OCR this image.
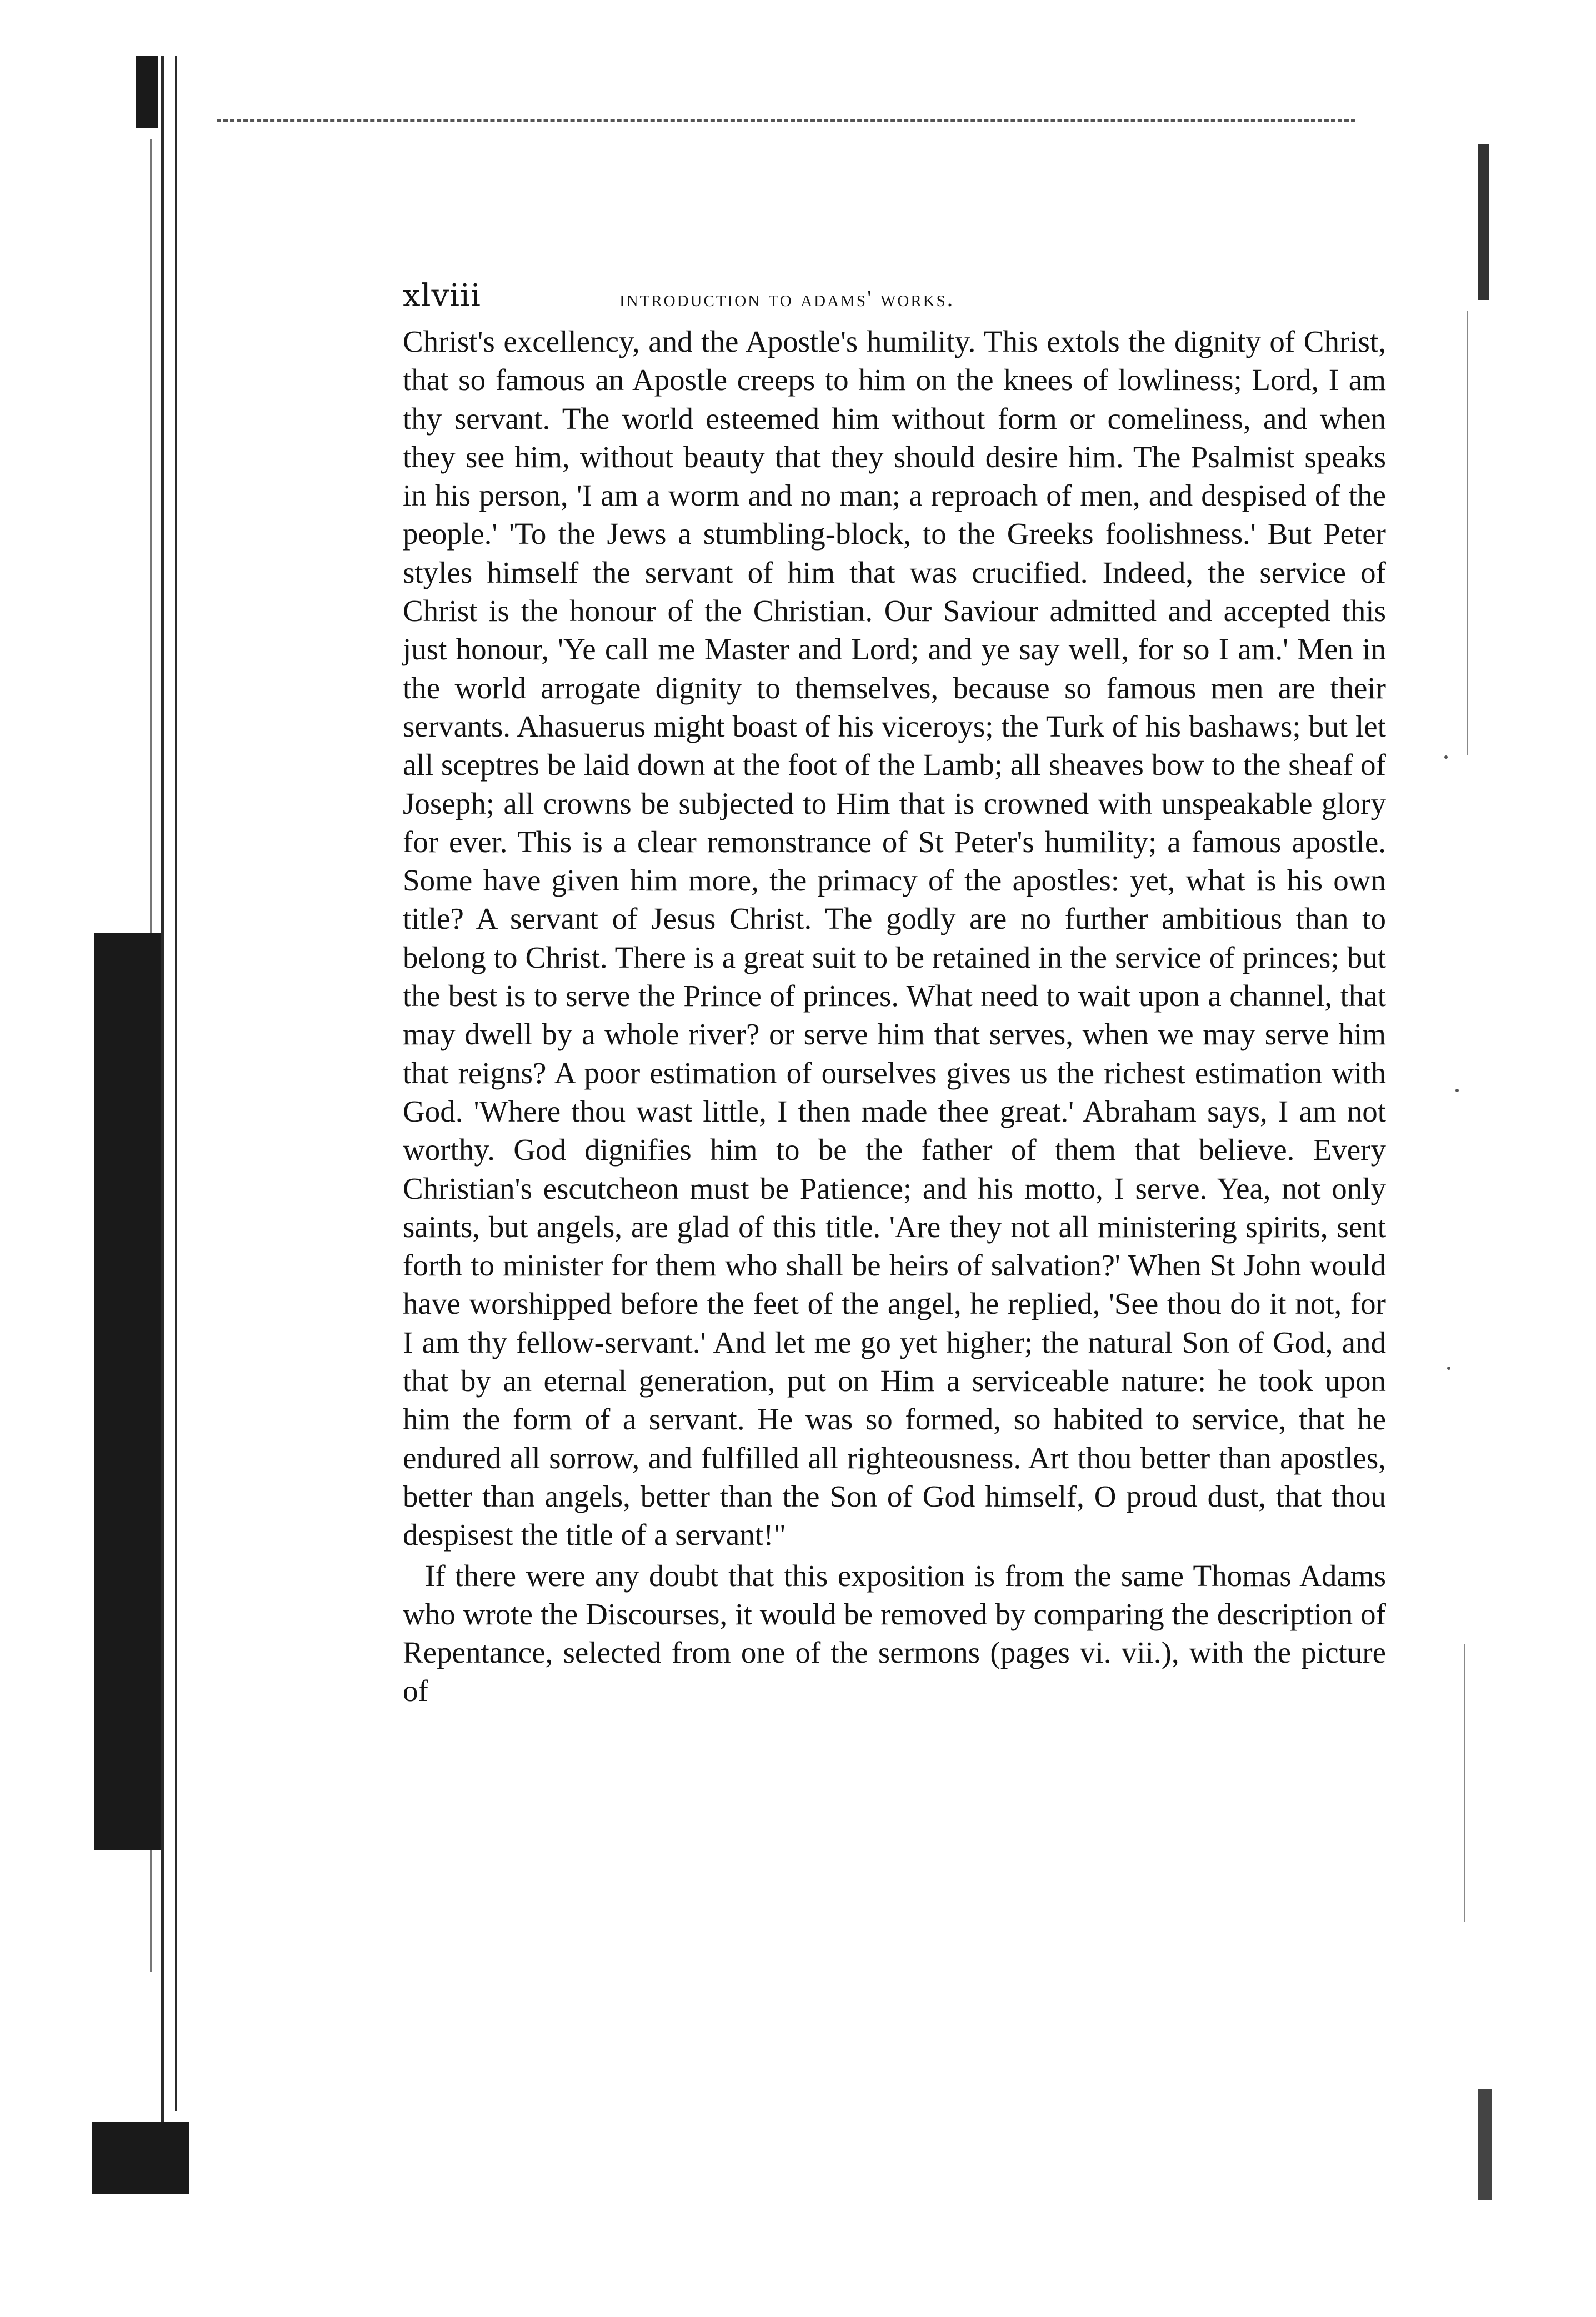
xlviii	introduction to adams' works.

Christ's excellency, and the Apostle's humility. This extols the dignity of Christ, that so famous an Apostle creeps to him on the knees of lowliness; Lord, I am thy servant. The world esteemed him without form or comeliness, and when they see him, without beauty that they should desire him. The Psalmist speaks in his person, 'I am a worm and no man; a reproach of men, and despised of the people.' 'To the Jews a stumbling-block, to the Greeks foolishness.' But Peter styles himself the servant of him that was crucified. Indeed, the service of Christ is the honour of the Christian. Our Saviour admitted and accepted this just honour, 'Ye call me Master and Lord; and ye say well, for so I am.' Men in the world arrogate dignity to themselves, because so famous men are their servants. Ahasuerus might boast of his viceroys; the Turk of his bashaws; but let all sceptres be laid down at the foot of the Lamb; all sheaves bow to the sheaf of Joseph; all crowns be subjected to Him that is crowned with unspeakable glory for ever. This is a clear remonstrance of St Peter's humility; a famous apostle. Some have given him more, the primacy of the apostles: yet, what is his own title? A servant of Jesus Christ. The godly are no further ambitious than to belong to Christ. There is a great suit to be retained in the service of princes; but the best is to serve the Prince of princes. What need to wait upon a channel, that may dwell by a whole river? or serve him that serves, when we may serve him that reigns? A poor estimation of ourselves gives us the richest estimation with God. 'Where thou wast little, I then made thee great.' Abraham says, I am not worthy. God dignifies him to be the father of them that believe. Every Christian's escutcheon must be Patience; and his motto, I serve. Yea, not only saints, but angels, are glad of this title. 'Are they not all ministering spirits, sent forth to minister for them who shall be heirs of salvation?' When St John would have worshipped before the feet of the angel, he replied, 'See thou do it not, for I am thy fellow-servant.' And let me go yet higher; the natural Son of God, and that by an eternal generation, put on Him a serviceable nature: he took upon him the form of a servant. He was so formed, so habited to service, that he endured all sorrow, and fulfilled all righteousness. Art thou better than apostles, better than angels, better than the Son of God himself, O proud dust, that thou despisest the title of a servant!"

If there were any doubt that this exposition is from the same Thomas Adams who wrote the Discourses, it would be removed by comparing the description of Repentance, selected from one of the sermons (pages vi. vii.), with the picture of
